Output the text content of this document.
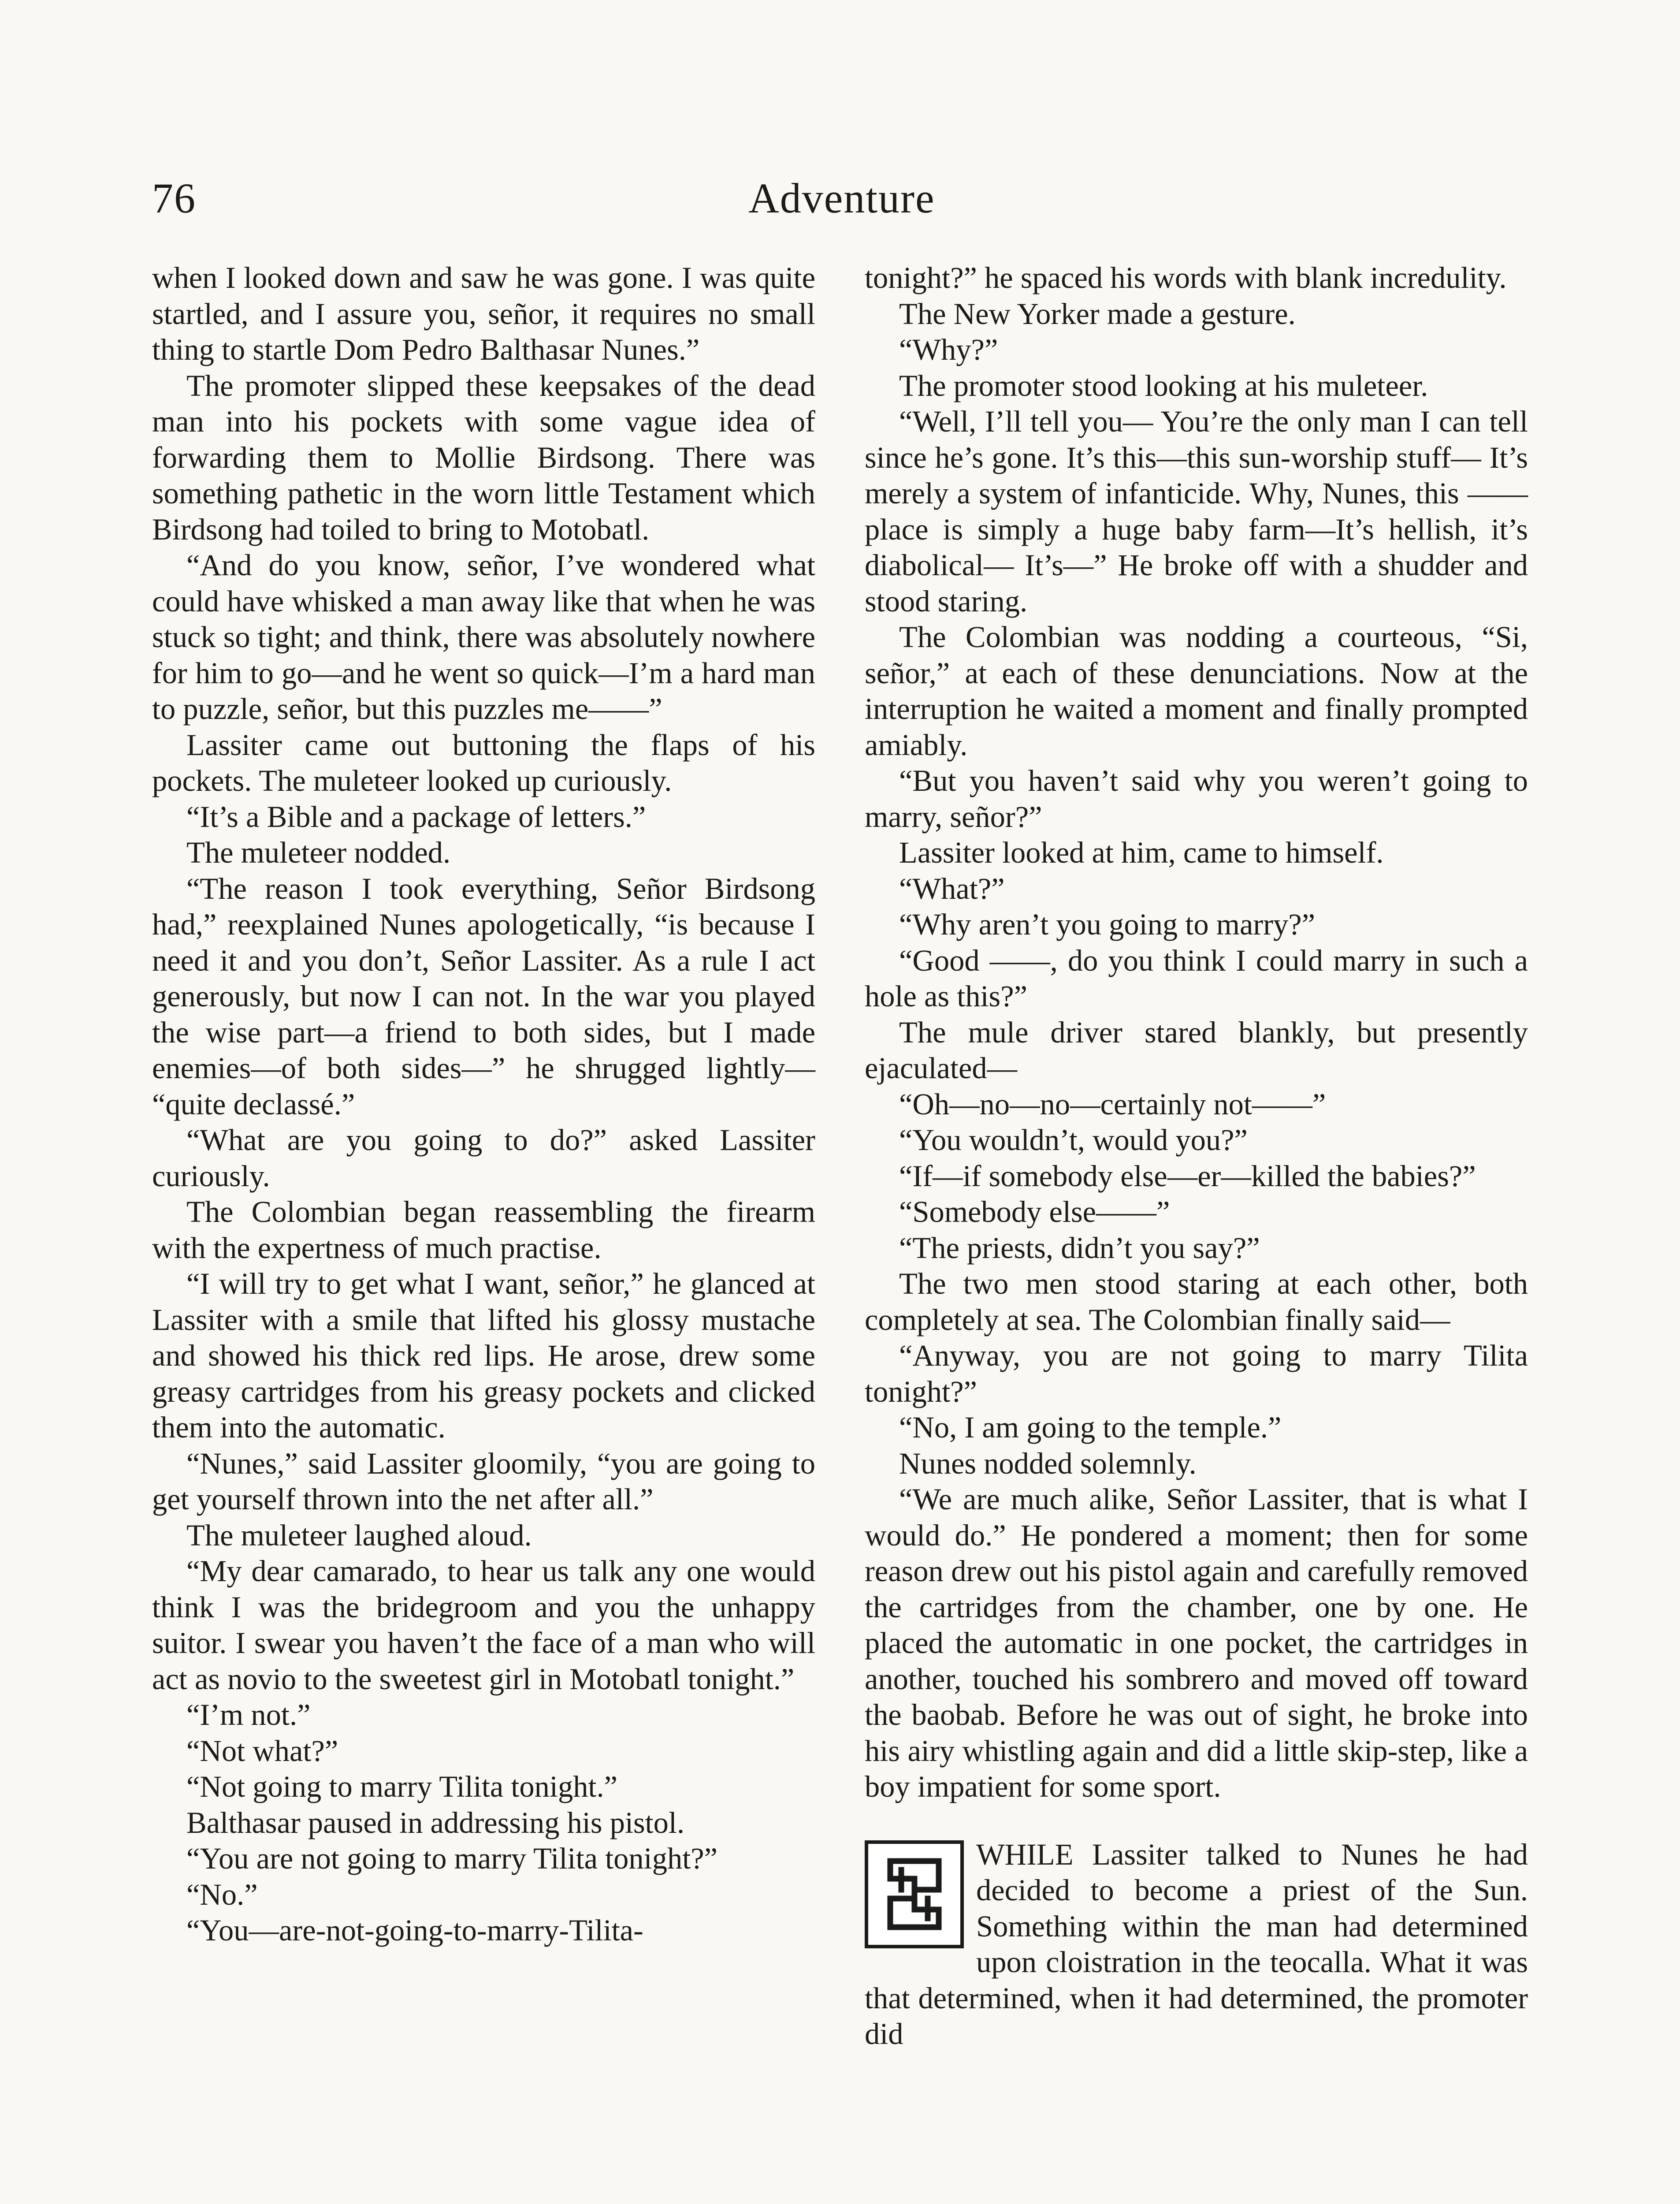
76	Adventure

when I looked down and saw he was gone. I was quite startled, and I assure you, señor, it requires no small thing to startle Dom Pedro Balthasar Nunes.”

The promoter slipped these keepsakes of the dead man into his pockets with some vague idea of forwarding them to Mollie Birdsong. There was something pathetic in the worn little Testament which Birdsong had toiled to bring to Motobatl.

“And do you know, señor, I’ve wondered what could have whisked a man away like that when he was stuck so tight; and think, there was absolutely nowhere for him to go—and he went so quick—I’m a hard man to puzzle, señor, but this puzzles me——”

Lassiter came out buttoning the flaps of his pockets. The muleteer looked up curiously.

“It’s a Bible and a package of letters.”

The muleteer nodded.

“The reason I took everything, Señor Birdsong had,” reexplained Nunes apologetically, “is because I need it and you don’t, Señor Lassiter. As a rule I act generously, but now I can not. In the war you played the wise part—a friend to both sides, but I made enemies—of both sides—” he shrugged lightly— “quite declassé.”

“What are you going to do?” asked Lassiter curiously.

The Colombian began reassembling the firearm with the expertness of much practise.

“I will try to get what I want, señor,” he glanced at Lassiter with a smile that lifted his glossy mustache and showed his thick red lips. He arose, drew some greasy cartridges from his greasy pockets and clicked them into the automatic.

“Nunes,” said Lassiter gloomily, “you are going to get yourself thrown into the net after all.”

The muleteer laughed aloud.

“My dear camarado, to hear us talk any one would think I was the bridegroom and you the unhappy suitor. I swear you haven’t the face of a man who will act as novio to the sweetest girl in Motobatl tonight.”

“I’m not.”

“Not what?”

“Not going to marry Tilita tonight.”

Balthasar paused in addressing his pistol.

“You are not going to marry Tilita tonight?”

“No.”

“You—are-not-going-to-marry-Tilita-

tonight?” he spaced his words with blank incredulity.

The New Yorker made a gesture.

“Why?”

The promoter stood looking at his muleteer.

“Well, I’ll tell you— You’re the only man I can tell since he’s gone. It’s this—this sun-worship stuff— It’s merely a system of infanticide. Why, Nunes, this —— place is simply a huge baby farm—It’s hellish, it’s diabolical— It’s—” He broke off with a shudder and stood staring.

The Colombian was nodding a courteous, “Si, señor,” at each of these denunciations. Now at the interruption he waited a moment and finally prompted amiably.

“But you haven’t said why you weren’t going to marry, señor?”

Lassiter looked at him, came to himself.

“What?”

“Why aren’t you going to marry?”

“Good ——, do you think I could marry in such a hole as this?”

The mule driver stared blankly, but presently ejaculated—

“Oh—no—no—certainly not——”

“You wouldn’t, would you?”

“If—if somebody else—er—killed the babies?”

“Somebody else——”

“The priests, didn’t you say?”

The two men stood staring at each other, both completely at sea. The Colombian finally said—

“Anyway, you are not going to marry Tilita tonight?”

“No, I am going to the temple.”

Nunes nodded solemnly.

“We are much alike, Señor Lassiter, that is what I would do.” He pondered a moment; then for some reason drew out his pistol again and carefully removed the cartridges from the chamber, one by one. He placed the automatic in one pocket, the cartridges in another, touched his sombrero and moved off toward the baobab. Before he was out of sight, he broke into his airy whistling again and did a little skip-step, like a boy impatient for some sport.

WHILE Lassiter talked to Nunes he had decided to become a priest of the Sun. Something within the man had determined upon cloistration in the teocalla. What it was that determined, when it had determined, the promoter did
